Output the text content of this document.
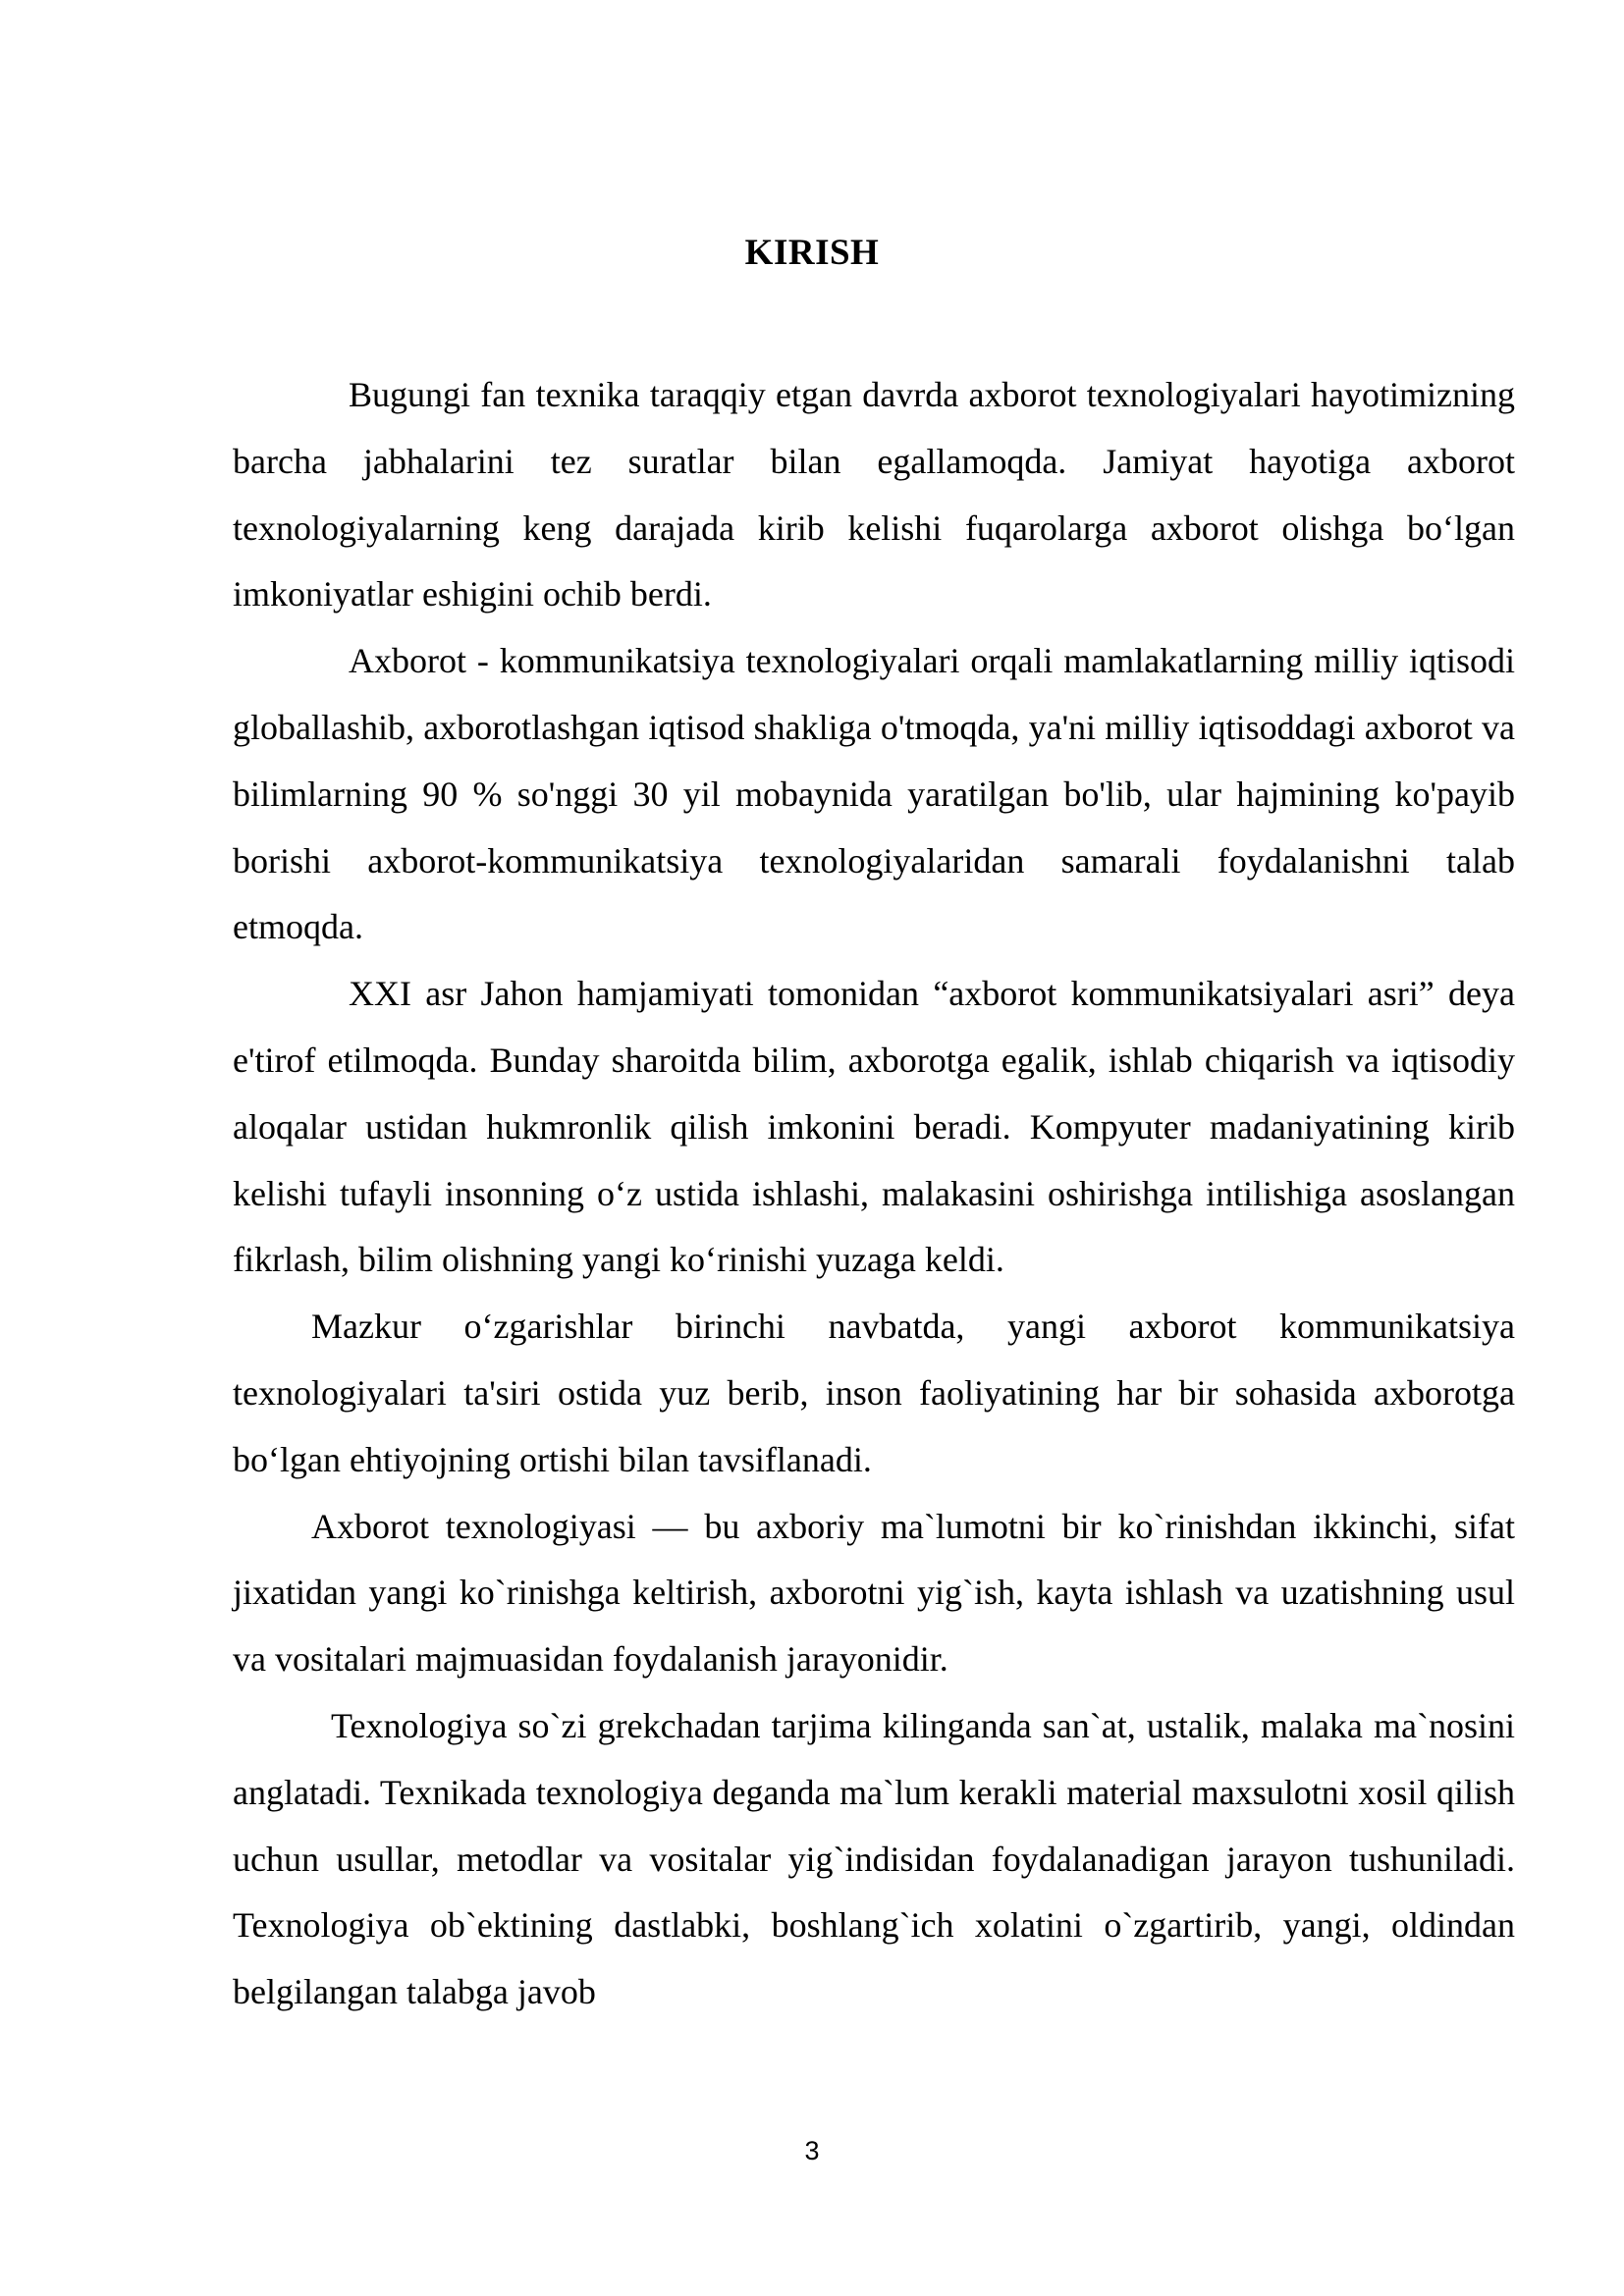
KIRISH

Bugungi fan texnika taraqqiy etgan davrda axborot texnologiyalari hayotimizning barcha jabhalarini tez suratlar bilan egallamoqda. Jamiyat hayotiga axborot texnologiyalarning keng darajada kirib kelishi fuqarolarga axborot olishga bo‘lgan imkoniyatlar eshigini ochib berdi.

Axborot - kommunikatsiya texnologiyalari orqali mamlakatlarning milliy iqtisodi globallashib, axborotlashgan iqtisod shakliga o'tmoqda, ya'ni milliy iqtisoddagi axborot va bilimlarning 90 % so'nggi 30 yil mobaynida yaratilgan bo'lib, ular hajmining ko'payib borishi axborot-kommunikatsiya texnologiyalaridan samarali foydalanishni talab etmoqda.

XXI asr Jahon hamjamiyati tomonidan “axborot kommunikatsiyalari asri” deya e'tirof etilmoqda. Bunday sharoitda bilim, axborotga egalik, ishlab chiqarish va iqtisodiy aloqalar ustidan hukmronlik qilish imkonini beradi. Kompyuter madaniyatining kirib kelishi tufayli insonning o‘z ustida ishlashi, malakasini oshirishga intilishiga asoslangan fikrlash, bilim olishning yangi ko‘rinishi yuzaga keldi.

Mazkur o‘zgarishlar birinchi navbatda, yangi axborot kommunikatsiya texnologiyalari ta'siri ostida yuz berib, inson faoliyatining har bir sohasida axborotga bo‘lgan ehtiyojning ortishi bilan tavsiflanadi.

Axborot texnologiyasi — bu axboriy ma`lumotni bir ko`rinishdan ikkinchi, sifat jixatidan yangi ko`rinishga keltirish, axborotni yig`ish, kayta ishlash va uzatishning usul va vositalari majmuasidan foydalanish jarayonidir.

Texnologiya so`zi grekchadan tarjima kilinganda san`at, ustalik, malaka ma`nosini anglatadi. Texnikada texnologiya deganda ma`lum kerakli material maxsulotni xosil qilish uchun usullar, metodlar va vositalar yig`indisidan foydalanadigan jarayon tushuniladi. Texnologiya ob`ektining dastlabki, boshlang`ich xolatini o`zgartirib, yangi, oldindan belgilangan talabga javob

3
